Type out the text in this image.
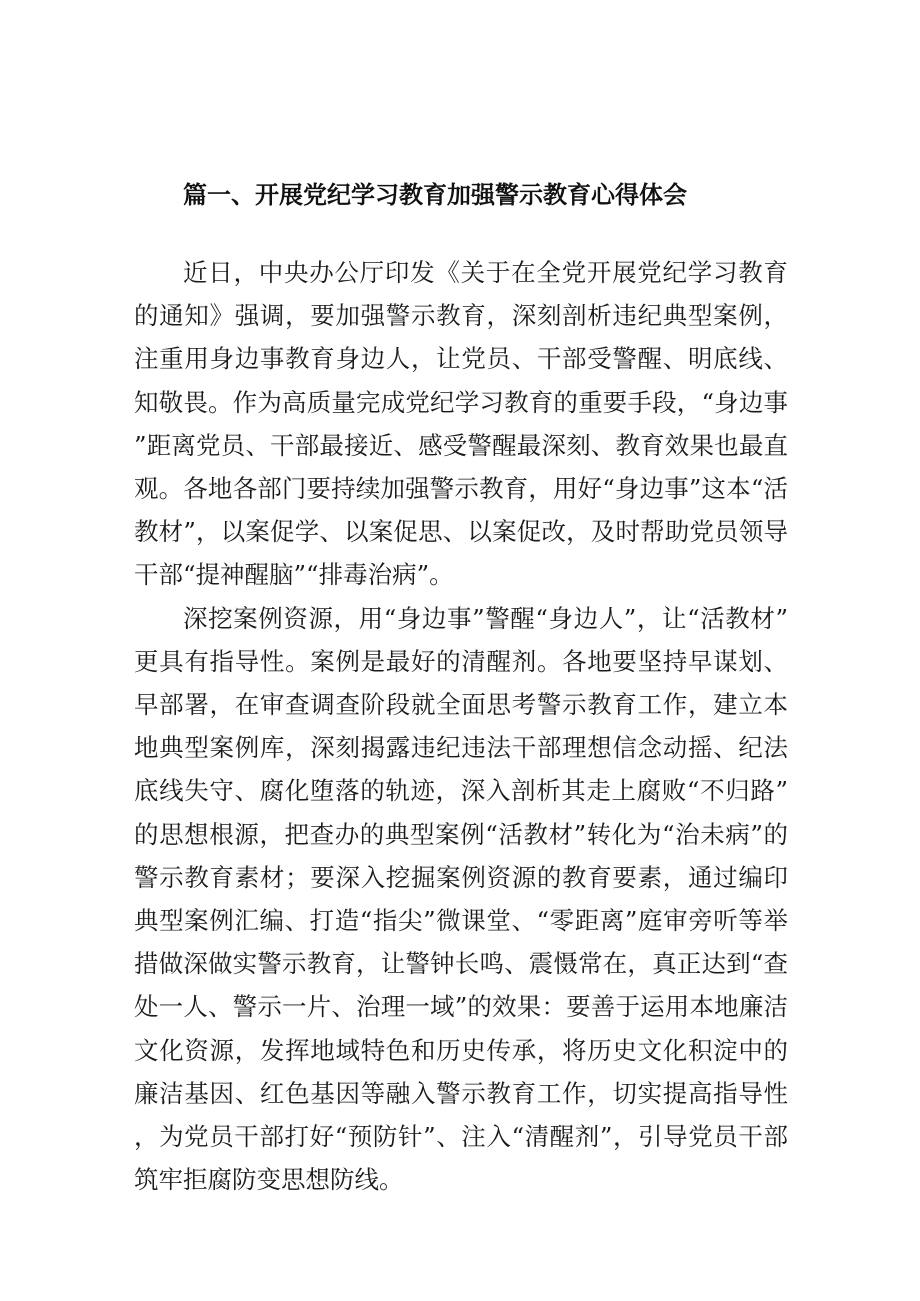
篇一、开展党纪学习教育加强警示教育心得体会

近日，中央办公厅印发《关于在全党开展党纪学习教育的通知》强调，要加强警示教育，深刻剖析违纪典型案例，注重用身边事教育身边人，让党员、干部受警醒、明底线、知敬畏。作为高质量完成党纪学习教育的重要手段，“身边事”距离党员、干部最接近、感受警醒最深刻、教育效果也最直观。各地各部门要持续加强警示教育，用好“身边事”这本“活教材”，以案促学、以案促思、以案促改，及时帮助党员领导干部“提神醒脑”“排毒治病”。

深挖案例资源，用“身边事”警醒“身边人”，让“活教材”更具有指导性。案例是最好的清醒剂。各地要坚持早谋划、早部署，在审查调查阶段就全面思考警示教育工作，建立本地典型案例库，深刻揭露违纪违法干部理想信念动摇、纪法底线失守、腐化堕落的轨迹，深入剖析其走上腐败“不归路”的思想根源，把查办的典型案例“活教材”转化为“治未病”的警示教育素材；要深入挖掘案例资源的教育要素，通过编印典型案例汇编、打造“指尖”微课堂、“零距离”庭审旁听等举措做深做实警示教育，让警钟长鸣、震慑常在，真正达到“查处一人、警示一片、治理一域”的效果：要善于运用本地廉洁文化资源，发挥地域特色和历史传承，将历史文化积淀中的廉洁基因、红色基因等融入警示教育工作，切实提高指导性，为党员干部打好“预防针”、注入“清醒剂”，引导党员干部筑牢拒腐防变思想防线。
